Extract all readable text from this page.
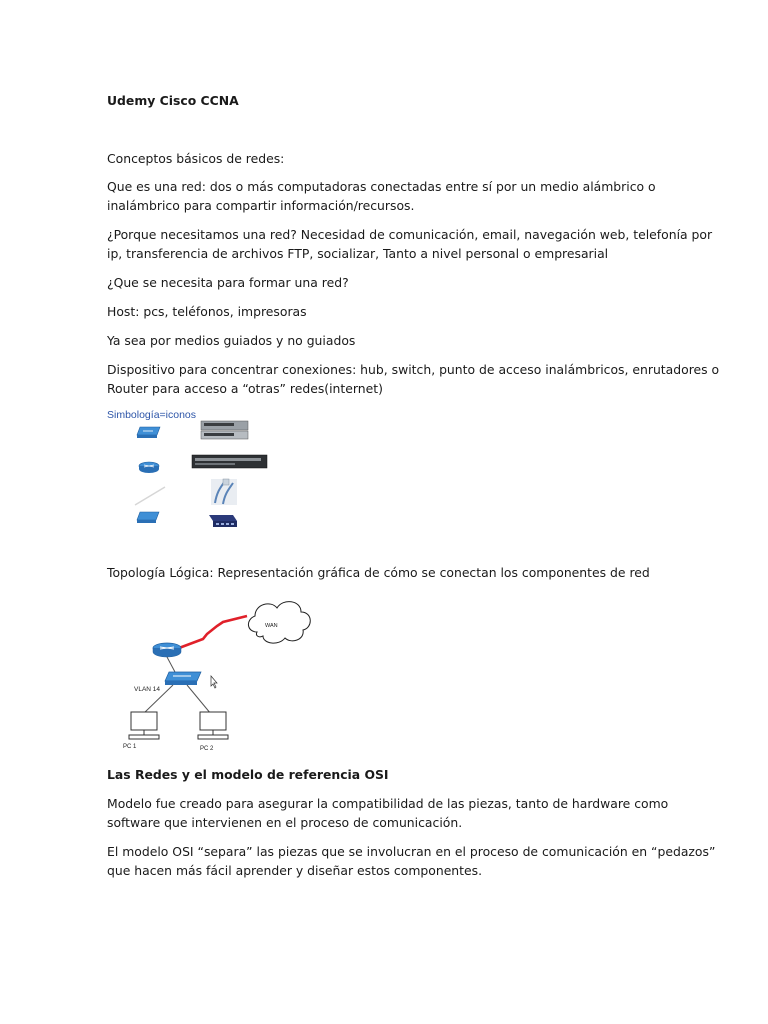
Udemy Cisco CCNA
Conceptos básicos de redes:
Que es una red: dos o más computadoras conectadas entre sí por un medio alámbrico o
inalámbrico para compartir información/recursos.
¿Porque necesitamos una red? Necesidad de comunicación, email, navegación web, telefonía por
ip, transferencia de archivos FTP, socializar, Tanto a nivel personal o empresarial
¿Que se necesita para formar una red?
Host: pcs, teléfonos, impresoras
Ya sea por medios guiados y no guiados
Dispositivo para concentrar conexiones: hub, switch, punto de acceso inalámbricos, enrutadores o
Router para acceso a “otras” redes(internet)
Simbología=iconos
Topología Lógica: Representación gráfica de cómo se conectan los componentes de red
WAN
VLAN 14
PC 1	PC 2
Las Redes y el modelo de referencia OSI
Modelo fue creado para asegurar la compatibilidad de las piezas, tanto de hardware como
software que intervienen en el proceso de comunicación.
El modelo OSI “separa” las piezas que se involucran en el proceso de comunicación en “pedazos”
que hacen más fácil aprender y diseñar estos componentes.
